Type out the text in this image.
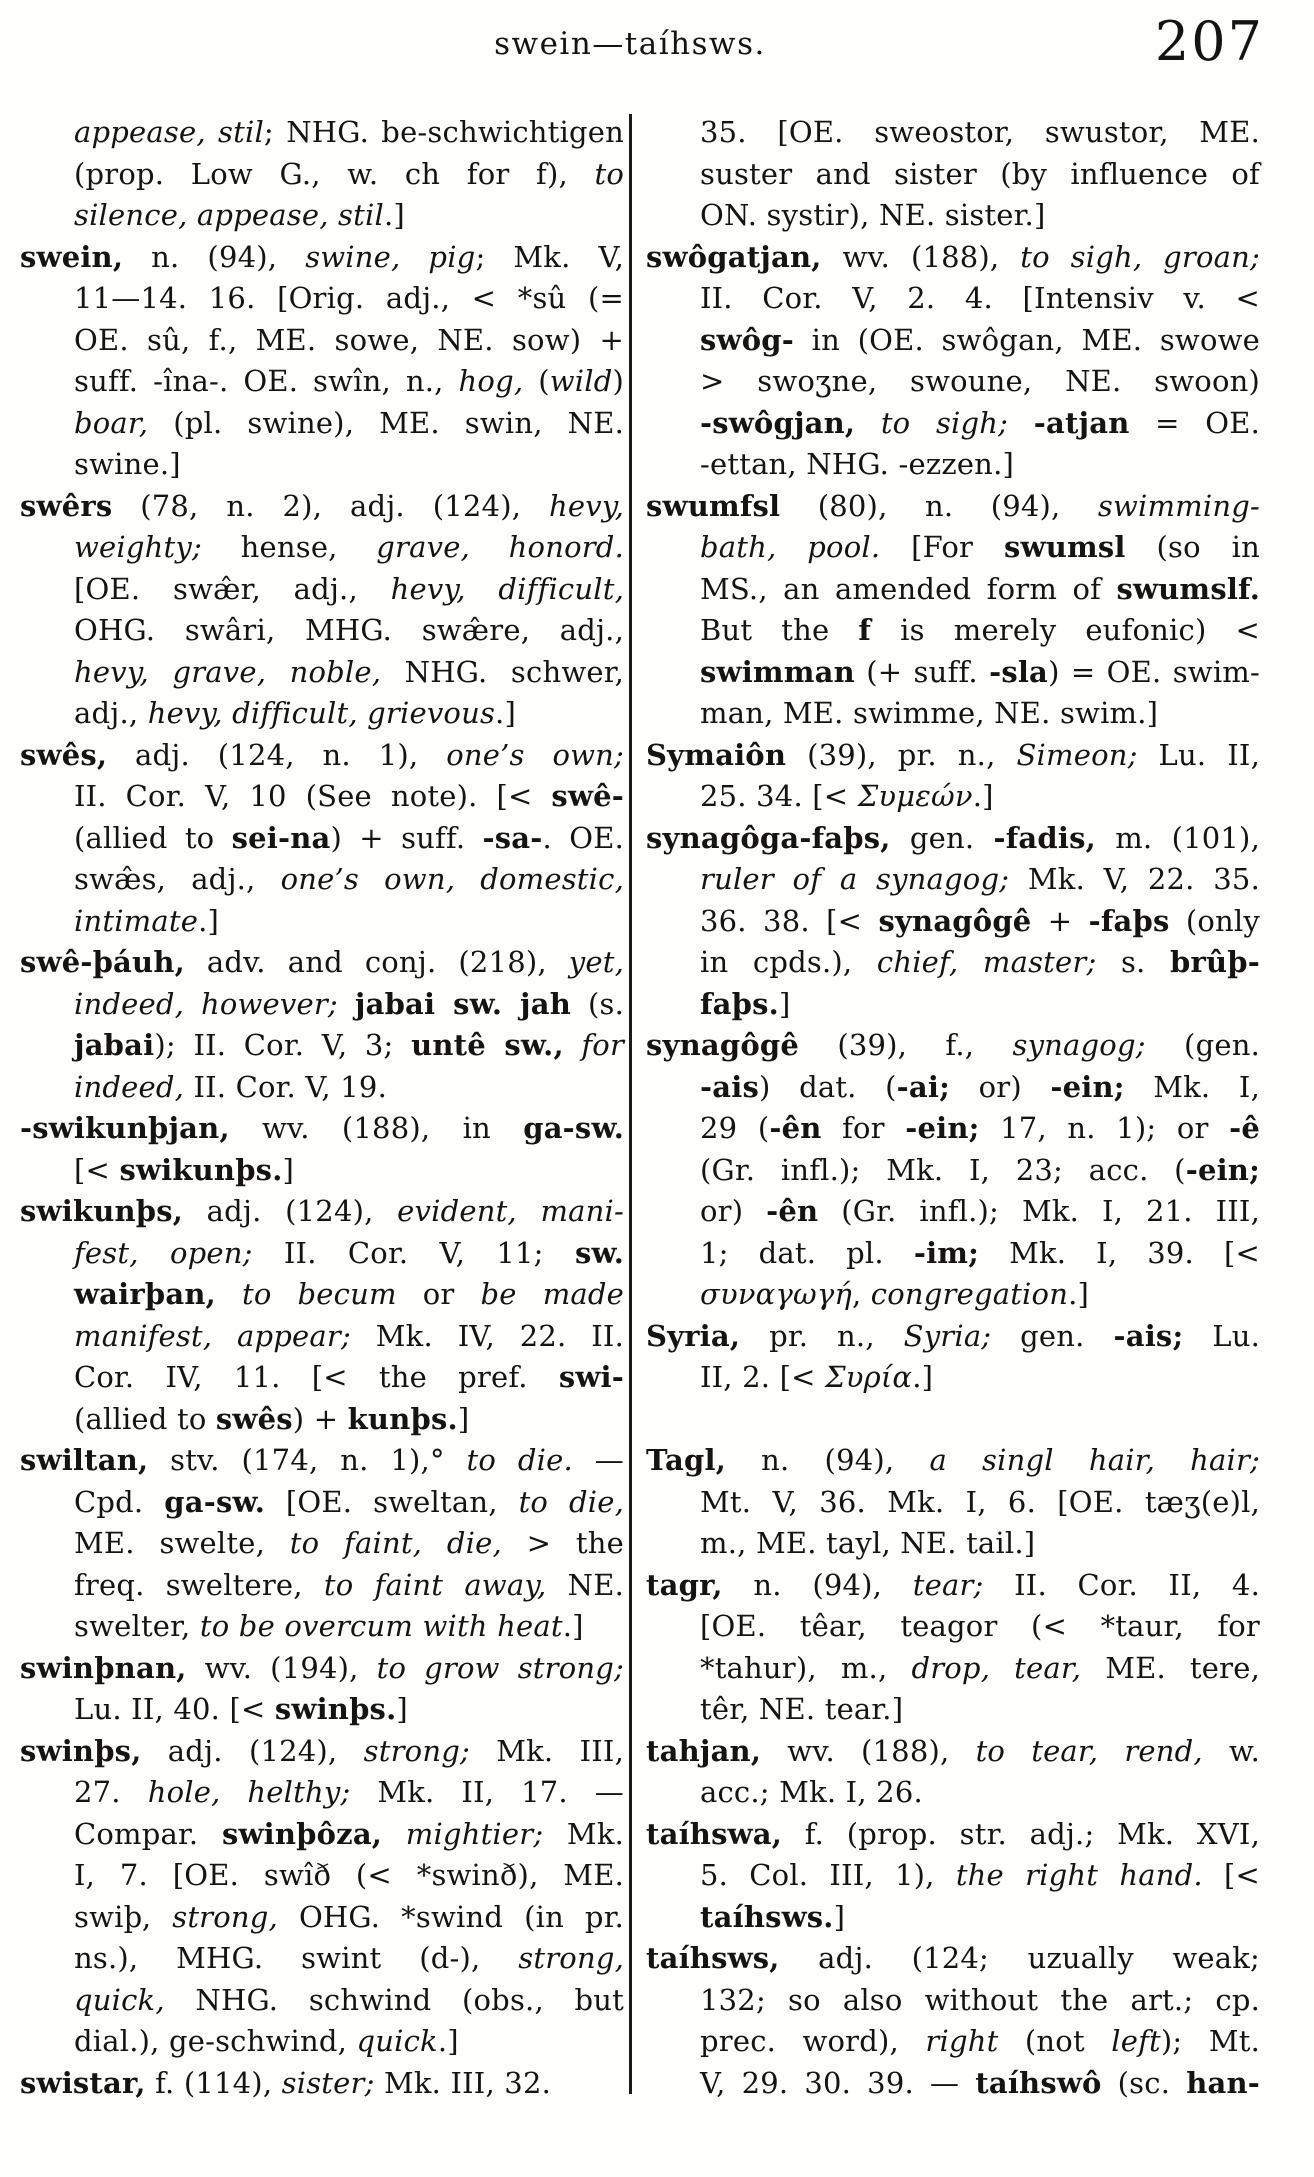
swein—taíhsws.	207
appease, stil; NHG. be-schwichtigen
(prop. Low G., w. ch for f), to
silence, appease, stil.]
swein, n. (94), swine, pig; Mk. V,
11—14. 16. [Orig. adj., < *sû (=
OE. sû, f., ME. sowe, NE. sow) +
suff. -îna-. OE. swîn, n., hog, (wild)
boar, (pl. swine), ME. swin, NE.
swine.]
swêrs (78, n. 2), adj. (124), hevy,
weighty; hense, grave, honord.
[OE. swæ̂r, adj., hevy, difficult,
OHG. swâri, MHG. swæ̂re, adj.,
hevy, grave, noble, NHG. schwer,
adj., hevy, difficult, grievous.]
swês, adj. (124, n. 1), one’s own;
II. Cor. V, 10 (See note). [< swê-
(allied to sei-na) + suff. -sa-. OE.
swæ̂s, adj., one’s own, domestic,
intimate.]
swê-þáuh, adv. and conj. (218), yet,
indeed, however; jabai sw. jah (s.
jabai); II. Cor. V, 3; untê sw., for
indeed, II. Cor. V, 19.
-swikunþjan, wv. (188), in ga-sw.
[< swikunþs.]
swikunþs, adj. (124), evident, mani-
fest, open; II. Cor. V, 11; sw.
wairþan, to becum or be made
manifest, appear; Mk. IV, 22. II.
Cor. IV, 11. [< the pref. swi-
(allied to swês) + kunþs.]
swiltan, stv. (174, n. 1),° to die. —
Cpd. ga-sw. [OE. sweltan, to die,
ME. swelte, to faint, die, > the
freq. sweltere, to faint away, NE.
swelter, to be overcum with heat.]
swinþnan, wv. (194), to grow strong;
Lu. II, 40. [< swinþs.]
swinþs, adj. (124), strong; Mk. III,
27. hole, helthy; Mk. II, 17. —
Compar. swinþôza, mightier; Mk.
I, 7. [OE. swîð (< *swinð), ME.
swiþ, strong, OHG. *swind (in pr.
ns.), MHG. swint (d-), strong,
quick, NHG. schwind (obs., but
dial.), ge-schwind, quick.]
swistar, f. (114), sister; Mk. III, 32.
35. [OE. sweostor, swustor, ME.
suster and sister (by influence of
ON. systir), NE. sister.]
swôgatjan, wv. (188), to sigh, groan;
II. Cor. V, 2. 4. [Intensiv v. <
swôg- in (OE. swôgan, ME. swowe
> swoʒne, swoune, NE. swoon)
-swôgjan, to sigh; -atjan = OE.
-ettan, NHG. -ezzen.]
swumfsl (80), n. (94), swimming-
bath, pool. [For swumsl (so in
MS., an amended form of swumslf.
But the f is merely eufonic) <
swimman (+ suff. -sla) = OE. swim-
man, ME. swimme, NE. swim.]
Symaiôn (39), pr. n., Simeon; Lu. II,
25. 34. [< Συμεών.]
synagôga-faþs, gen. -fadis, m. (101),
ruler of a synagog; Mk. V, 22. 35.
36. 38. [< synagôgê + -faþs (only
in cpds.), chief, master; s. brûþ-
faþs.]
synagôgê (39), f., synagog; (gen.
-ais) dat. (-ai; or) -ein; Mk. I,
29 (-ên for -ein; 17, n. 1); or -ê
(Gr. infl.); Mk. I, 23; acc. (-ein;
or) -ên (Gr. infl.); Mk. I, 21. III,
1; dat. pl. -im; Mk. I, 39. [<
συναγωγή, congregation.]
Syria, pr. n., Syria; gen. -ais; Lu.
II, 2. [< Συρία.]
Tagl, n. (94), a singl hair, hair;
Mt. V, 36. Mk. I, 6. [OE. tæʒ(e)l,
m., ME. tayl, NE. tail.]
tagr, n. (94), tear; II. Cor. II, 4.
[OE. têar, teagor (< *taur, for
*tahur), m., drop, tear, ME. tere,
têr, NE. tear.]
tahjan, wv. (188), to tear, rend, w.
acc.; Mk. I, 26.
taíhswa, f. (prop. str. adj.; Mk. XVI,
5. Col. III, 1), the right hand. [<
taíhsws.]
taíhsws, adj. (124; uzually weak;
132; so also without the art.; cp.
prec. word), right (not left); Mt.
V, 29. 30. 39. — taíhswô (sc. han-
